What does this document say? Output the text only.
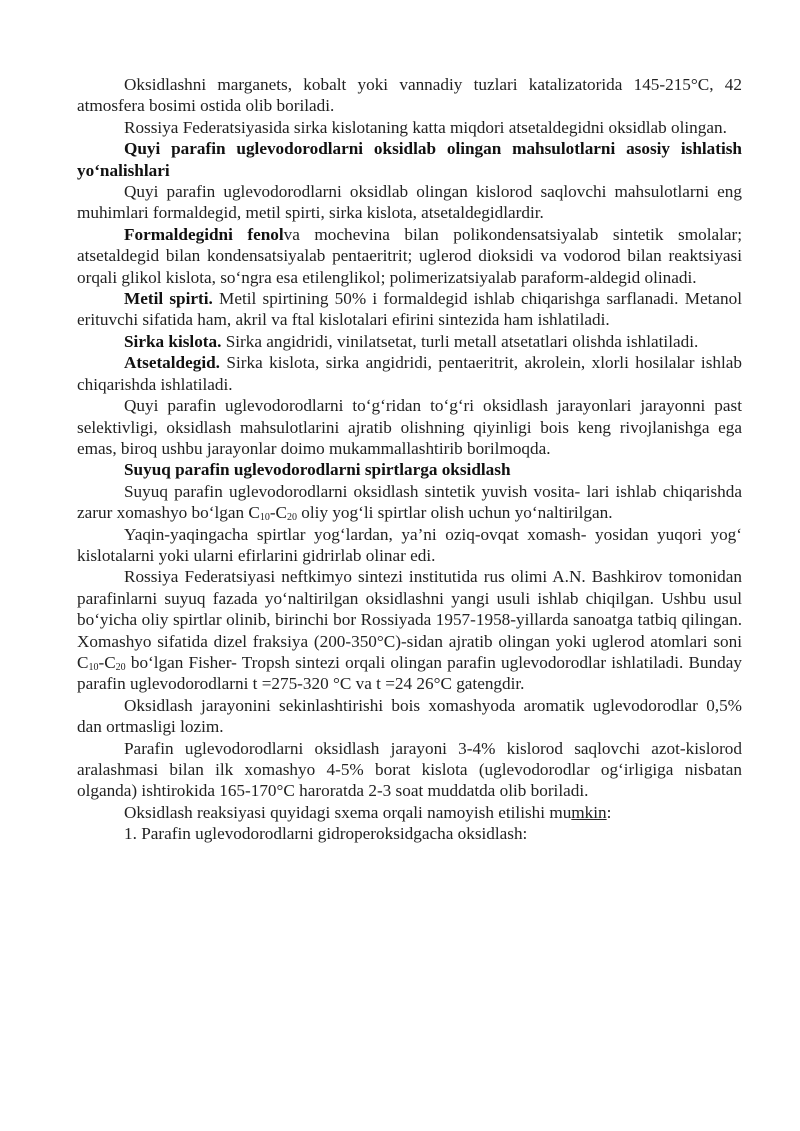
Oksidlashni marganets, kobalt yoki vannadiy tuzlari katalizatorida 145-215°C, 42 atmosfera bosimi ostida olib boriladi.

Rossiya Federatsiyasida sirka kislotaning katta miqdori atsetaldegidni oksidlab olingan.

Quyi parafin uglevodorodlarni oksidlab olingan mahsulotlarni asosiy ishlatish yo‘nalishlari

Quyi parafin uglevodorodlarni oksidlab olingan kislorod saqlovchi mahsulotlarni eng muhimlari formaldegid, metil spirti, sirka kislota, atsetaldegidlardir.

Formaldegidni fenolva mochevina bilan polikondensatsiyalab sintetik smolalar; atsetaldegid bilan kondensatsiyalab pentaeritrit; uglerod dioksidi va vodorod bilan reaktsiyasi orqali glikol kislota, so‘ngra esa etilenglikol; polimerizatsiyalab paraform-aldegid olinadi.

Metil spirti. Metil spirtining 50% i formaldegid ishlab chiqarishga sarflanadi. Metanol erituvchi sifatida ham, akril va ftal kislotalari efirini sintezida ham ishlatiladi.

Sirka kislota. Sirka angidridi, vinilatsetat, turli metall atsetatlari olishda ishlatiladi.

Atsetaldegid. Sirka kislota, sirka angidridi, pentaeritrit, akrolein, xlorli hosilalar ishlab chiqarishda ishlatiladi.

Quyi parafin uglevodorodlarni to‘g‘ridan to‘g‘ri oksidlash jarayonlari jarayonni past selektivligi, oksidlash mahsulotlarini ajratib olishning qiyinligi bois keng rivojlanishga ega emas, biroq ushbu jarayonlar doimo mukammallashtirib borilmoqda.

Suyuq parafin uglevodorodlarni spirtlarga oksidlash

Suyuq parafin uglevodorodlarni oksidlash sintetik yuvish vosita- lari ishlab chiqarishda zarur xomashyo bo‘lgan $C_{10}-C_{20}$ oliy yog‘li spirtlar olish uchun yo‘naltirilgan.

Yaqin-yaqingacha spirtlar yog‘lardan, ya’ni oziq-ovqat xomash- yosidan yuqori yog‘ kislotalarni yoki ularni efirlarini gidrirlab olinar edi.

Rossiya Federatsiyasi neftkimyo sintezi institutida rus olimi A.N. Bashkirov tomonidan parafinlarni suyuq fazada yo‘naltirilgan oksidlashni yangi usuli ishlab chiqilgan. Ushbu usul bo‘yicha oliy spirtlar olinib, birinchi bor Rossiyada 1957-1958-yillarda sanoatga tatbiq qilingan. Xomashyo sifatida dizel fraksiya (200-350°C)-sidan ajratib olingan yoki uglerod atomlari soni $C_{10}-C_{20}$ bo‘lgan Fisher- Tropsh sintezi orqali olingan parafin uglevodorodlar ishlatiladi. Bunday parafin uglevodorodlarni t =275-320 °C va t =24 26°C gatengdir.

Oksidlash jarayonini sekinlashtirishi bois xomashyoda aromatik uglevodorodlar 0,5% dan ortmasligi lozim.

Parafin uglevodorodlarni oksidlash jarayoni 3-4% kislorod saqlovchi azot-kislorod aralashmasi bilan ilk xomashyo 4-5% borat kislota (uglevodorodlar og‘irligiga nisbatan olganda) ishtirokida 165-170°C haroratda 2-3 soat muddatda olib boriladi.

Oksidlash reaksiyasi quyidagi sxema orqali namoyish etilishi mumkin:

1. Parafin uglevodorodlarni gidroperoksidgacha oksidlash:
